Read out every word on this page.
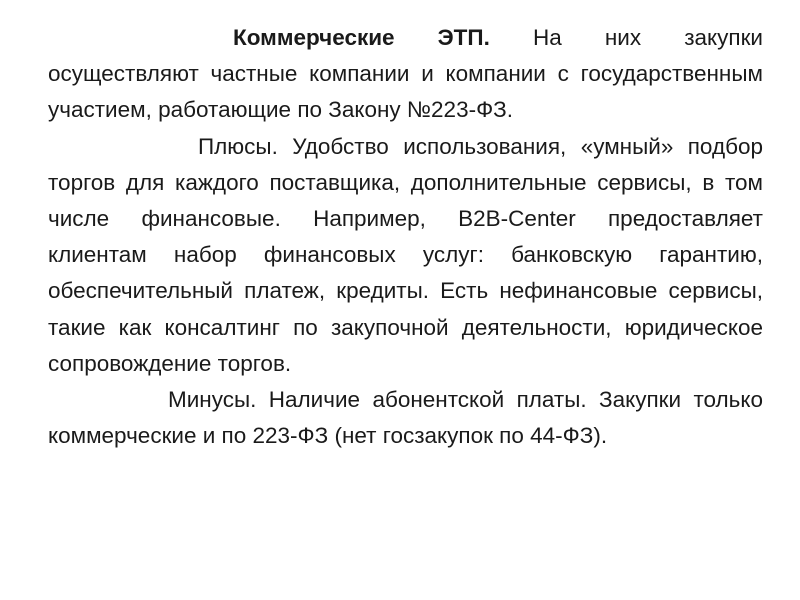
Коммерческие ЭТП. На них закупки осуществляют частные компании и компании с государственным участием, работающие по Закону №223-ФЗ.

Плюсы. Удобство использования, «умный» подбор торгов для каждого поставщика, дополнительные сервисы, в том числе финансовые. Например, B2B-Center предоставляет клиентам набор финансовых услуг: банковскую гарантию, обеспечительный платеж, кредиты. Есть нефинансовые сервисы, такие как консалтинг по закупочной деятельности, юридическое сопровождение торгов.

Минусы. Наличие абонентской платы. Закупки только коммерческие и по 223-ФЗ (нет госзакупок по 44-ФЗ).
